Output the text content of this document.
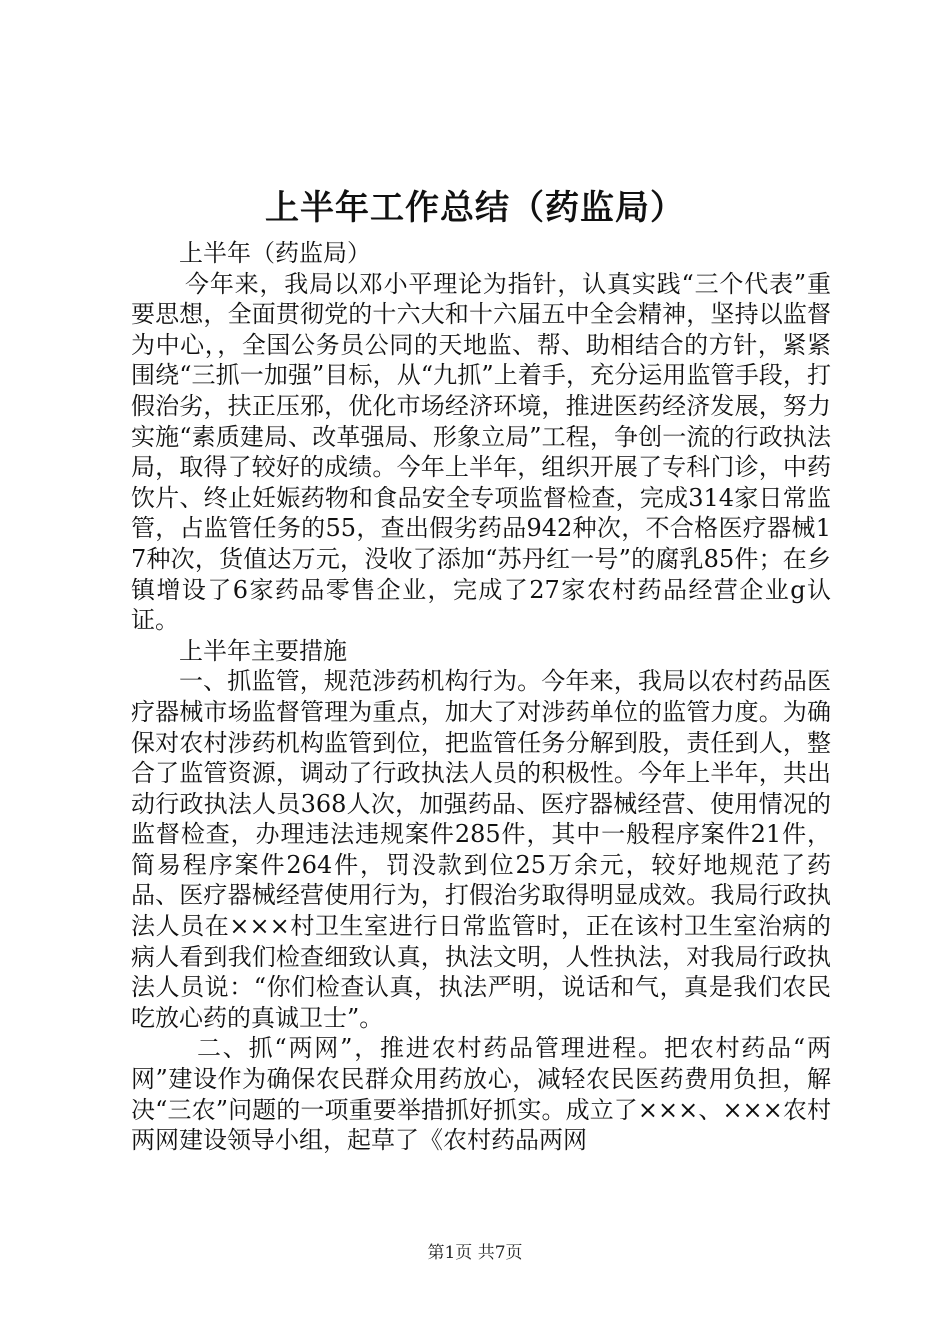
上半年工作总结（药监局）

上半年（药监局）

今年来，我局以邓小平理论为指针，认真实践“三个代表”重要思想，全面贯彻党的十六大和十六届五中全会精神，坚持以监督为中心，，全国公务员公同的天地监、帮、助相结合的方针，紧紧围绕“三抓一加强”目标，从“九抓”上着手，充分运用监管手段，打假治劣，扶正压邪，优化市场经济环境，推进医药经济发展，努力实施“素质建局、改革强局、形象立局”工程，争创一流的行政执法局，取得了较好的成绩。今年上半年，组织开展了专科门诊，中药饮片、终止妊娠药物和食品安全专项监督检查，完成314家日常监管，占监管任务的55，查出假劣药品942种次，不合格医疗器械17种次，货值达万元，没收了添加“苏丹红一号”的腐乳85件；在乡镇增设了6家药品零售企业，完成了27家农村药品经营企业g认证。

上半年主要措施

一、抓监管，规范涉药机构行为。今年来，我局以农村药品医疗器械市场监督管理为重点，加大了对涉药单位的监管力度。为确保对农村涉药机构监管到位，把监管任务分解到股，责任到人，整合了监管资源，调动了行政执法人员的积极性。今年上半年，共出动行政执法人员368人次，加强药品、医疗器械经营、使用情况的监督检查，办理违法违规案件285件，其中一般程序案件21件，简易程序案件264件，罚没款到位25万余元，较好地规范了药品、医疗器械经营使用行为，打假治劣取得明显成效。我局行政执法人员在×××村卫生室进行日常监管时，正在该村卫生室治病的病人看到我们检查细致认真，执法文明，人性执法，对我局行政执法人员说：“你们检查认真，执法严明，说话和气，真是我们农民吃放心药的真诚卫士”。

二、抓“两网”，推进农村药品管理进程。把农村药品“两网”建设作为确保农民群众用药放心，减轻农民医药费用负担，解决“三农”问题的一项重要举措抓好抓实。成立了×××、×××农村两网建设领导小组，起草了《农村药品两网

第1页 共7页
